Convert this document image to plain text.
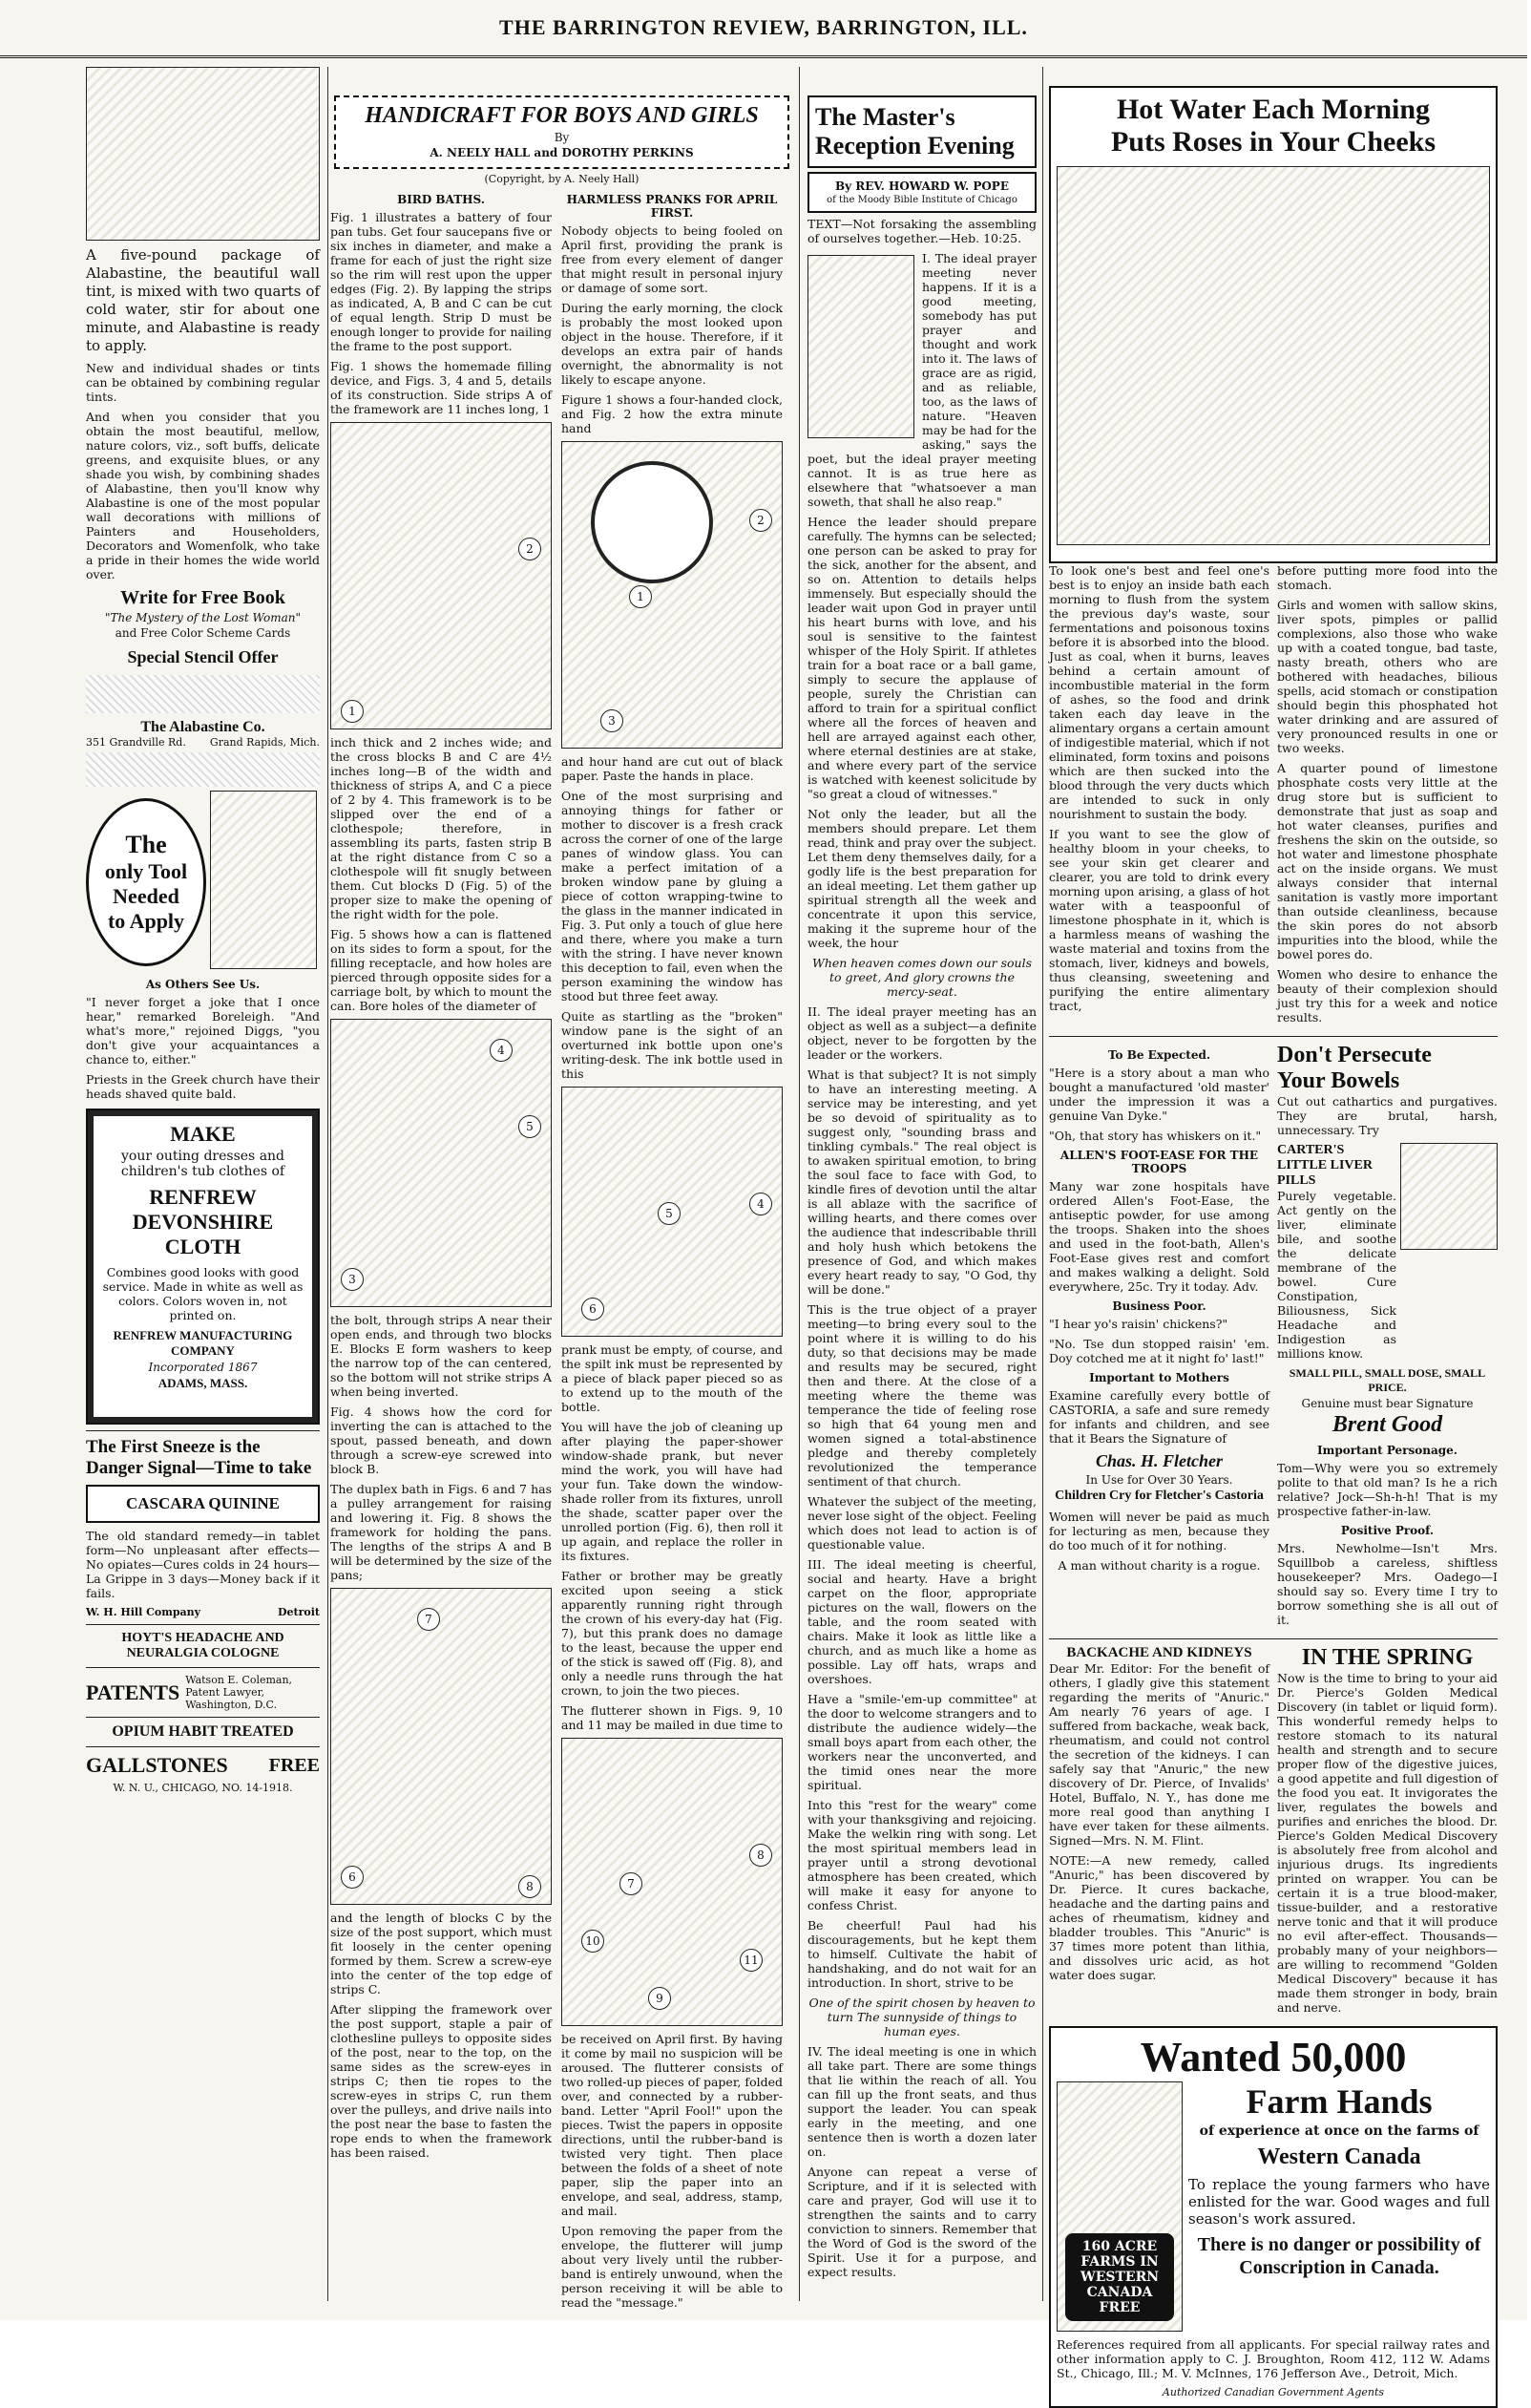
THE BARRINGTON REVIEW, BARRINGTON, ILL.

A five-pound package of Alabastine, the beautiful wall tint, is mixed with two quarts of cold water, stir for about one minute, and Alabastine is ready to apply.

New and individual shades or tints can be obtained by combining regular tints.

And when you consider that you obtain the most beautiful, mellow, nature colors, viz., soft buffs, delicate greens, and exquisite blues, or any shade you wish, by combining shades of Alabastine, then you'll know why Alabastine is one of the most popular wall decorations with millions of Painters and Householders, Decorators and Womenfolk, who take a pride in their homes the wide world over.

Write for Free Book
"The Mystery of the Lost Woman"
and Free Color Scheme Cards
Special Stencil Offer
The Alabastine Co.
351 Grandville Rd. Grand Rapids, Mich.
The
only Tool
Needed
to Apply
As Others See Us.

"I never forget a joke that I once hear," remarked Boreleigh. "And what's more," rejoined Diggs, "you don't give your acquaintances a chance to, either."

Priests in the Greek church have their heads shaved quite bald.

MAKE
your outing dresses and children's tub clothes of
RENFREW DEVONSHIRE CLOTH

Combines good looks with good service. Made in white as well as colors. Colors woven in, not printed on.

RENFREW MANUFACTURING COMPANY
Incorporated 1867
ADAMS, MASS.
The First Sneeze is the Danger Signal—Time to take
CASCARA QUININE

The old standard remedy—in tablet form—No unpleasant after effects—No opiates—Cures colds in 24 hours—La Grippe in 3 days—Money back if it fails.

W. H. Hill Company	Detroit
HOYT'S HEADACHE AND NEURALGIA COLOGNE
PATENTS Watson E. Coleman, Patent Lawyer, Washington, D.C.
OPIUM HABIT TREATED
GALLSTONES FREE
W. N. U., CHICAGO, NO. 14-1918.
HANDICRAFT FOR BOYS AND GIRLS
By
A. NEELY HALL and DOROTHY PERKINS
(Copyright, by A. Neely Hall)
BIRD BATHS.

Fig. 1 illustrates a battery of four pan tubs. Get four saucepans five or six inches in diameter, and make a frame for each of just the right size so the rim will rest upon the upper edges (Fig. 2). By lapping the strips as indicated, A, B and C can be cut of equal length. Strip D must be enough longer to provide for nailing the frame to the post support.

Fig. 1 shows the homemade filling device, and Figs. 3, 4 and 5, details of its construction. Side strips A of the framework are 11 inches long, 1

1
2

inch thick and 2 inches wide; and the cross blocks B and C are 4½ inches long—B of the width and thickness of strips A, and C a piece of 2 by 4. This framework is to be slipped over the end of a clothespole; therefore, in assembling its parts, fasten strip B at the right distance from C so a clothespole will fit snugly between them. Cut blocks D (Fig. 5) of the proper size to make the opening of the right width for the pole.

Fig. 5 shows how a can is flattened on its sides to form a spout, for the filling receptacle, and how holes are pierced through opposite sides for a carriage bolt, by which to mount the can. Bore holes of the diameter of

3
4
5

the bolt, through strips A near their open ends, and through two blocks E. Blocks E form washers to keep the narrow top of the can centered, so the bottom will not strike strips A when being inverted.

Fig. 4 shows how the cord for inverting the can is attached to the spout, passed beneath, and down through a screw-eye screwed into block B.

The duplex bath in Figs. 6 and 7 has a pulley arrangement for raising and lowering it. Fig. 8 shows the framework for holding the pans. The lengths of the strips A and B will be determined by the size of the pans;

6
7
8

and the length of blocks C by the size of the post support, which must fit loosely in the center opening formed by them. Screw a screw-eye into the center of the top edge of strips C.

After slipping the framework over the post support, staple a pair of clothesline pulleys to opposite sides of the post, near to the top, on the same sides as the screw-eyes in strips C; then tie ropes to the screw-eyes in strips C, run them over the pulleys, and drive nails into the post near the base to fasten the rope ends to when the framework has been raised.

HARMLESS PRANKS FOR APRIL FIRST.

Nobody objects to being fooled on April first, providing the prank is free from every element of danger that might result in personal injury or damage of some sort.

During the early morning, the clock is probably the most looked upon object in the house. Therefore, if it develops an extra pair of hands overnight, the abnormality is not likely to escape anyone.

Figure 1 shows a four-handed clock, and Fig. 2 how the extra minute hand

1
2
3

and hour hand are cut out of black paper. Paste the hands in place.

One of the most surprising and annoying things for father or mother to discover is a fresh crack across the corner of one of the large panes of window glass. You can make a perfect imitation of a broken window pane by gluing a piece of cotton wrapping-twine to the glass in the manner indicated in Fig. 3. Put only a touch of glue here and there, where you make a turn with the string. I have never known this deception to fail, even when the person examining the window has stood but three feet away.

Quite as startling as the "broken" window pane is the sight of an overturned ink bottle upon one's writing-desk. The ink bottle used in this

4
5
6

prank must be empty, of course, and the spilt ink must be represented by a piece of black paper pieced so as to extend up to the mouth of the bottle.

You will have the job of cleaning up after playing the paper-shower window-shade prank, but never mind the work, you will have had your fun. Take down the window-shade roller from its fixtures, unroll the shade, scatter paper over the unrolled portion (Fig. 6), then roll it up again, and replace the roller in its fixtures.

Father or brother may be greatly excited upon seeing a stick apparently running right through the crown of his every-day hat (Fig. 7), but this prank does no damage to the least, because the upper end of the stick is sawed off (Fig. 8), and only a needle runs through the hat crown, to join the two pieces.

The flutterer shown in Figs. 9, 10 and 11 may be mailed in due time to

7
8
9
10
11

be received on April first. By having it come by mail no suspicion will be aroused. The flutterer consists of two rolled-up pieces of paper, folded over, and connected by a rubber-band. Letter "April Fool!" upon the pieces. Twist the papers in opposite directions, until the rubber-band is twisted very tight. Then place between the folds of a sheet of note paper, slip the paper into an envelope, and seal, address, stamp, and mail.

Upon removing the paper from the envelope, the flutterer will jump about very lively until the rubber-band is entirely unwound, when the person receiving it will be able to read the "message."

The Master's Reception Evening
By REV. HOWARD W. POPE
of the Moody Bible Institute of Chicago

TEXT—Not forsaking the assembling of ourselves together.—Heb. 10:25.

I. The ideal prayer meeting never happens. If it is a good meeting, somebody has put prayer and thought and work into it. The laws of grace are as rigid, and as reliable, too, as the laws of nature. "Heaven may be had for the asking," says the poet, but the ideal prayer meeting cannot. It is as true here as elsewhere that "whatsoever a man soweth, that shall he also reap."

Hence the leader should prepare carefully. The hymns can be selected; one person can be asked to pray for the sick, another for the absent, and so on. Attention to details helps immensely. But especially should the leader wait upon God in prayer until his heart burns with love, and his soul is sensitive to the faintest whisper of the Holy Spirit. If athletes train for a boat race or a ball game, simply to secure the applause of people, surely the Christian can afford to train for a spiritual conflict where all the forces of heaven and hell are arrayed against each other, where eternal destinies are at stake, and where every part of the service is watched with keenest solicitude by "so great a cloud of witnesses."

Not only the leader, but all the members should prepare. Let them read, think and pray over the subject. Let them deny themselves daily, for a godly life is the best preparation for an ideal meeting. Let them gather up spiritual strength all the week and concentrate it upon this service, making it the supreme hour of the week, the hour

When heaven comes down our souls to greet, And glory crowns the mercy-seat.

II. The ideal prayer meeting has an object as well as a subject—a definite object, never to be forgotten by the leader or the workers.

What is that subject? It is not simply to have an interesting meeting. A service may be interesting, and yet be so devoid of spirituality as to suggest only, "sounding brass and tinkling cymbals." The real object is to awaken spiritual emotion, to bring the soul face to face with God, to kindle fires of devotion until the altar is all ablaze with the sacrifice of willing hearts, and there comes over the audience that indescribable thrill and holy hush which betokens the presence of God, and which makes every heart ready to say, "O God, thy will be done."

This is the true object of a prayer meeting—to bring every soul to the point where it is willing to do his duty, so that decisions may be made and results may be secured, right then and there. At the close of a meeting where the theme was temperance the tide of feeling rose so high that 64 young men and women signed a total-abstinence pledge and thereby completely revolutionized the temperance sentiment of that church.

Whatever the subject of the meeting, never lose sight of the object. Feeling which does not lead to action is of questionable value.

III. The ideal meeting is cheerful, social and hearty. Have a bright carpet on the floor, appropriate pictures on the wall, flowers on the table, and the room seated with chairs. Make it look as little like a church, and as much like a home as possible. Lay off hats, wraps and overshoes.

Have a "smile-'em-up committee" at the door to welcome strangers and to distribute the audience widely—the small boys apart from each other, the workers near the unconverted, and the timid ones near the more spiritual.

Into this "rest for the weary" come with your thanksgiving and rejoicing. Make the welkin ring with song. Let the most spiritual members lead in prayer until a strong devotional atmosphere has been created, which will make it easy for anyone to confess Christ.

Be cheerful! Paul had his discouragements, but he kept them to himself. Cultivate the habit of handshaking, and do not wait for an introduction. In short, strive to be

One of the spirit chosen by heaven to turn The sunnyside of things to human eyes.

IV. The ideal meeting is one in which all take part. There are some things that lie within the reach of all. You can fill up the front seats, and thus support the leader. You can speak early in the meeting, and one sentence then is worth a dozen later on.

Anyone can repeat a verse of Scripture, and if it is selected with care and prayer, God will use it to strengthen the saints and to carry conviction to sinners. Remember that the Word of God is the sword of the Spirit. Use it for a purpose, and expect results.

Hot Water Each Morning
Puts Roses in Your Cheeks

To look one's best and feel one's best is to enjoy an inside bath each morning to flush from the system the previous day's waste, sour fermentations and poisonous toxins before it is absorbed into the blood. Just as coal, when it burns, leaves behind a certain amount of incombustible material in the form of ashes, so the food and drink taken each day leave in the alimentary organs a certain amount of indigestible material, which if not eliminated, form toxins and poisons which are then sucked into the blood through the very ducts which are intended to suck in only nourishment to sustain the body.

If you want to see the glow of healthy bloom in your cheeks, to see your skin get clearer and clearer, you are told to drink every morning upon arising, a glass of hot water with a teaspoonful of limestone phosphate in it, which is a harmless means of washing the waste material and toxins from the stomach, liver, kidneys and bowels, thus cleansing, sweetening and purifying the entire alimentary tract,

before putting more food into the stomach.

Girls and women with sallow skins, liver spots, pimples or pallid complexions, also those who wake up with a coated tongue, bad taste, nasty breath, others who are bothered with headaches, bilious spells, acid stomach or constipation should begin this phosphated hot water drinking and are assured of very pronounced results in one or two weeks.

A quarter pound of limestone phosphate costs very little at the drug store but is sufficient to demonstrate that just as soap and hot water cleanses, purifies and freshens the skin on the outside, so hot water and limestone phosphate act on the inside organs. We must always consider that internal sanitation is vastly more important than outside cleanliness, because the skin pores do not absorb impurities into the blood, while the bowel pores do.

Women who desire to enhance the beauty of their complexion should just try this for a week and notice results.

To Be Expected.

"Here is a story about a man who bought a manufactured 'old master' under the impression it was a genuine Van Dyke."

"Oh, that story has whiskers on it."

ALLEN'S FOOT-EASE FOR THE TROOPS

Many war zone hospitals have ordered Allen's Foot-Ease, the antiseptic powder, for use among the troops. Shaken into the shoes and used in the foot-bath, Allen's Foot-Ease gives rest and comfort and makes walking a delight. Sold everywhere, 25c. Try it today. Adv.

Business Poor.

"I hear yo's raisin' chickens?"

"No. Tse dun stopped raisin' 'em. Doy cotched me at it night fo' last!"

Important to Mothers

Examine carefully every bottle of CASTORIA, a safe and sure remedy for infants and children, and see that it Bears the Signature of

Chas. H. Fletcher
In Use for Over 30 Years.
Children Cry for Fletcher's Castoria

Women will never be paid as much for lecturing as men, because they do too much of it for nothing.

A man without charity is a rogue.

Don't Persecute
Your Bowels

Cut out cathartics and purgatives. They are brutal, harsh, unnecessary. Try

CARTER'S LITTLE LIVER PILLS

Purely vegetable. Act gently on the liver, eliminate bile, and soothe the delicate membrane of the bowel. Cure Constipation, Biliousness, Sick Headache and Indigestion as millions know.

SMALL PILL, SMALL DOSE, SMALL PRICE.
Genuine must bear Signature
Brent Good
Important Personage.

Tom—Why were you so extremely polite to that old man? Is he a rich relative? Jock—Sh-h-h! That is my prospective father-in-law.

Positive Proof.

Mrs. Newholme—Isn't Mrs. Squillbob a careless, shiftless housekeeper? Mrs. Oadego—I should say so. Every time I try to borrow something she is all out of it.

BACKACHE AND KIDNEYS

Dear Mr. Editor: For the benefit of others, I gladly give this statement regarding the merits of "Anuric." Am nearly 76 years of age. I suffered from backache, weak back, rheumatism, and could not control the secretion of the kidneys. I can safely say that "Anuric," the new discovery of Dr. Pierce, of Invalids' Hotel, Buffalo, N. Y., has done me more real good than anything I have ever taken for these ailments. Signed—Mrs. N. M. Flint.

NOTE:—A new remedy, called "Anuric," has been discovered by Dr. Pierce. It cures backache, headache and the darting pains and aches of rheumatism, kidney and bladder troubles. This "Anuric" is 37 times more potent than lithia, and dissolves uric acid, as hot water does sugar.

IN THE SPRING

Now is the time to bring to your aid Dr. Pierce's Golden Medical Discovery (in tablet or liquid form). This wonderful remedy helps to restore stomach to its natural health and strength and to secure proper flow of the digestive juices, a good appetite and full digestion of the food you eat. It invigorates the liver, regulates the bowels and purifies and enriches the blood. Dr. Pierce's Golden Medical Discovery is absolutely free from alcohol and injurious drugs. Its ingredients printed on wrapper. You can be certain it is a true blood-maker, tissue-builder, and a restorative nerve tonic and that it will produce no evil after-effect. Thousands—probably many of your neighbors—are willing to recommend "Golden Medical Discovery" because it has made them stronger in body, brain and nerve.

Wanted 50,000
160 ACRE FARMS IN WESTERN CANADA FREE
Farm Hands
of experience at once on the farms of
Western Canada

To replace the young farmers who have enlisted for the war. Good wages and full season's work assured.

There is no danger or possibility of Conscription in Canada.

References required from all applicants. For special railway rates and other information apply to C. J. Broughton, Room 412, 112 W. Adams St., Chicago, Ill.; M. V. McInnes, 176 Jefferson Ave., Detroit, Mich.

Authorized Canadian Government Agents
